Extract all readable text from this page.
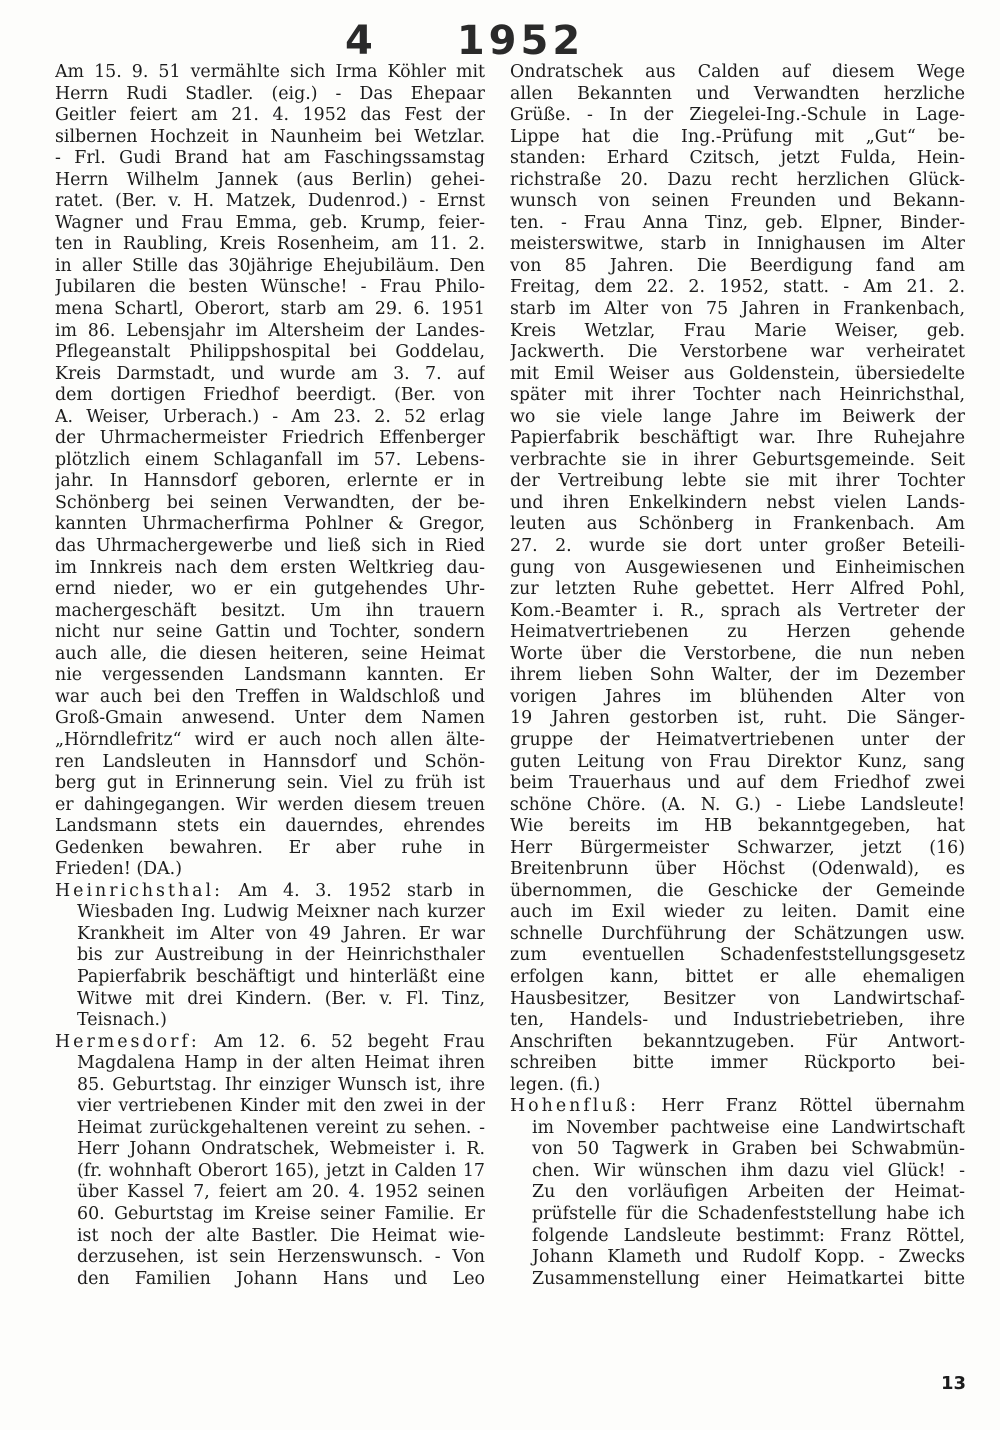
4 1952
Am 15. 9. 51 vermählte sich Irma Köhler mit
Herrn Rudi Stadler. (eig.) - Das Ehepaar
Geitler feiert am 21. 4. 1952 das Fest der
silbernen Hochzeit in Naunheim bei Wetzlar.
- Frl. Gudi Brand hat am Faschingssamstag
Herrn Wilhelm Jannek (aus Berlin) gehei-
ratet. (Ber. v. H. Matzek, Dudenrod.) - Ernst
Wagner und Frau Emma, geb. Krump, feier-
ten in Raubling, Kreis Rosenheim, am 11. 2.
in aller Stille das 30jährige Ehejubiläum. Den
Jubilaren die besten Wünsche! - Frau Philo-
mena Schartl, Oberort, starb am 29. 6. 1951
im 86. Lebensjahr im Altersheim der Landes-
Pflegeanstalt Philippshospital bei Goddelau,
Kreis Darmstadt, und wurde am 3. 7. auf
dem dortigen Friedhof beerdigt. (Ber. von
A. Weiser, Urberach.) - Am 23. 2. 52 erlag
der Uhrmachermeister Friedrich Effenberger
plötzlich einem Schlaganfall im 57. Lebens-
jahr. In Hannsdorf geboren, erlernte er in
Schönberg bei seinen Verwandten, der be-
kannten Uhrmacherfirma Pohlner & Gregor,
das Uhrmachergewerbe und ließ sich in Ried
im Innkreis nach dem ersten Weltkrieg dau-
ernd nieder, wo er ein gutgehendes Uhr-
machergeschäft besitzt. Um ihn trauern
nicht nur seine Gattin und Tochter, sondern
auch alle, die diesen heiteren, seine Heimat
nie vergessenden Landsmann kannten. Er
war auch bei den Treffen in Waldschloß und
Groß-Gmain anwesend. Unter dem Namen
„Hörndlefritz“ wird er auch noch allen älte-
ren Landsleuten in Hannsdorf und Schön-
berg gut in Erinnerung sein. Viel zu früh ist
er dahingegangen. Wir werden diesem treuen
Landsmann stets ein dauerndes, ehrendes
Gedenken bewahren. Er aber ruhe in
Frieden! (DA.)
Heinrichsthal: Am 4. 3. 1952 starb in
Wiesbaden Ing. Ludwig Meixner nach kurzer
Krankheit im Alter von 49 Jahren. Er war
bis zur Austreibung in der Heinrichsthaler
Papierfabrik beschäftigt und hinterläßt eine
Witwe mit drei Kindern. (Ber. v. Fl. Tinz,
Teisnach.)
Hermesdorf: Am 12. 6. 52 begeht Frau
Magdalena Hamp in der alten Heimat ihren
85. Geburtstag. Ihr einziger Wunsch ist, ihre
vier vertriebenen Kinder mit den zwei in der
Heimat zurückgehaltenen vereint zu sehen. -
Herr Johann Ondratschek, Webmeister i. R.
(fr. wohnhaft Oberort 165), jetzt in Calden 17
über Kassel 7, feiert am 20. 4. 1952 seinen
60. Geburtstag im Kreise seiner Familie. Er
ist noch der alte Bastler. Die Heimat wie-
derzusehen, ist sein Herzenswunsch. - Von
den Familien Johann Hans und Leo
Ondratschek aus Calden auf diesem Wege
allen Bekannten und Verwandten herzliche
Grüße. - In der Ziegelei-Ing.-Schule in Lage-
Lippe hat die Ing.-Prüfung mit „Gut“ be-
standen: Erhard Czitsch, jetzt Fulda, Hein-
richstraße 20. Dazu recht herzlichen Glück-
wunsch von seinen Freunden und Bekann-
ten. - Frau Anna Tinz, geb. Elpner, Binder-
meisterswitwe, starb in Innighausen im Alter
von 85 Jahren. Die Beerdigung fand am
Freitag, dem 22. 2. 1952, statt. - Am 21. 2.
starb im Alter von 75 Jahren in Frankenbach,
Kreis Wetzlar, Frau Marie Weiser, geb.
Jackwerth. Die Verstorbene war verheiratet
mit Emil Weiser aus Goldenstein, übersiedelte
später mit ihrer Tochter nach Heinrichsthal,
wo sie viele lange Jahre im Beiwerk der
Papierfabrik beschäftigt war. Ihre Ruhejahre
verbrachte sie in ihrer Geburtsgemeinde. Seit
der Vertreibung lebte sie mit ihrer Tochter
und ihren Enkelkindern nebst vielen Lands-
leuten aus Schönberg in Frankenbach. Am
27. 2. wurde sie dort unter großer Beteili-
gung von Ausgewiesenen und Einheimischen
zur letzten Ruhe gebettet. Herr Alfred Pohl,
Kom.-Beamter i. R., sprach als Vertreter der
Heimatvertriebenen zu Herzen gehende
Worte über die Verstorbene, die nun neben
ihrem lieben Sohn Walter, der im Dezember
vorigen Jahres im blühenden Alter von
19 Jahren gestorben ist, ruht. Die Sänger-
gruppe der Heimatvertriebenen unter der
guten Leitung von Frau Direktor Kunz, sang
beim Trauerhaus und auf dem Friedhof zwei
schöne Chöre. (A. N. G.) - Liebe Landsleute!
Wie bereits im HB bekanntgegeben, hat
Herr Bürgermeister Schwarzer, jetzt (16)
Breitenbrunn über Höchst (Odenwald), es
übernommen, die Geschicke der Gemeinde
auch im Exil wieder zu leiten. Damit eine
schnelle Durchführung der Schätzungen usw.
zum eventuellen Schadenfeststellungsgesetz
erfolgen kann, bittet er alle ehemaligen
Hausbesitzer, Besitzer von Landwirtschaf-
ten, Handels- und Industriebetrieben, ihre
Anschriften bekanntzugeben. Für Antwort-
schreiben bitte immer Rückporto bei-
legen. (fi.)
Hohenfluß: Herr Franz Röttel übernahm
im November pachtweise eine Landwirtschaft
von 50 Tagwerk in Graben bei Schwabmün-
chen. Wir wünschen ihm dazu viel Glück! -
Zu den vorläufigen Arbeiten der Heimat-
prüfstelle für die Schadenfeststellung habe ich
folgende Landsleute bestimmt: Franz Röttel,
Johann Klameth und Rudolf Kopp. - Zwecks
Zusammenstellung einer Heimatkartei bitte
13
